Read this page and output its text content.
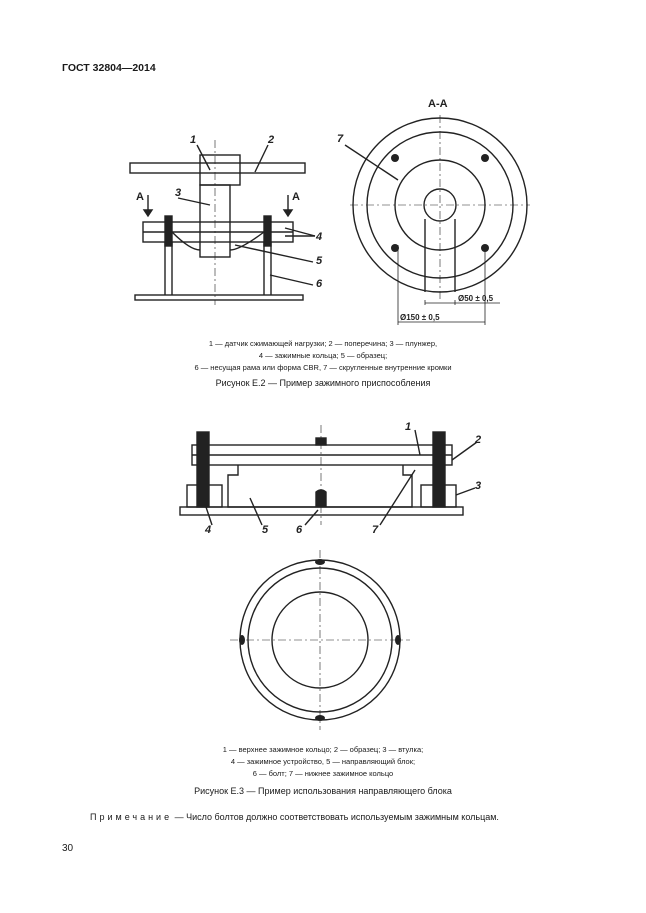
ГОСТ 32804—2014
1	2
3
4
5
6
7
А	А
А-А
Ø50 ± 0,5
Ø150 ± 0,5
1 — датчик сжимающей нагрузки; 2 — поперечина; 3 — плунжер,
4 — зажимные кольца; 5 — образец;
6 — несущая рама или форма CBR, 7 — скругленные внутренние кромки
Рисунок Е.2 — Пример зажимного приспособления
1
2
3
4	5	6	7
1 — верхнее зажимное кольцо; 2 — образец; 3 — втулка;
4 — зажимное устройство, 5 — направляющий блок;
6 — болт; 7 — нижнее зажимное кольцо
Рисунок Е.3 — Пример использования направляющего блока
Примечание — Число болтов должно соответствовать используемым зажимным кольцам.
30
